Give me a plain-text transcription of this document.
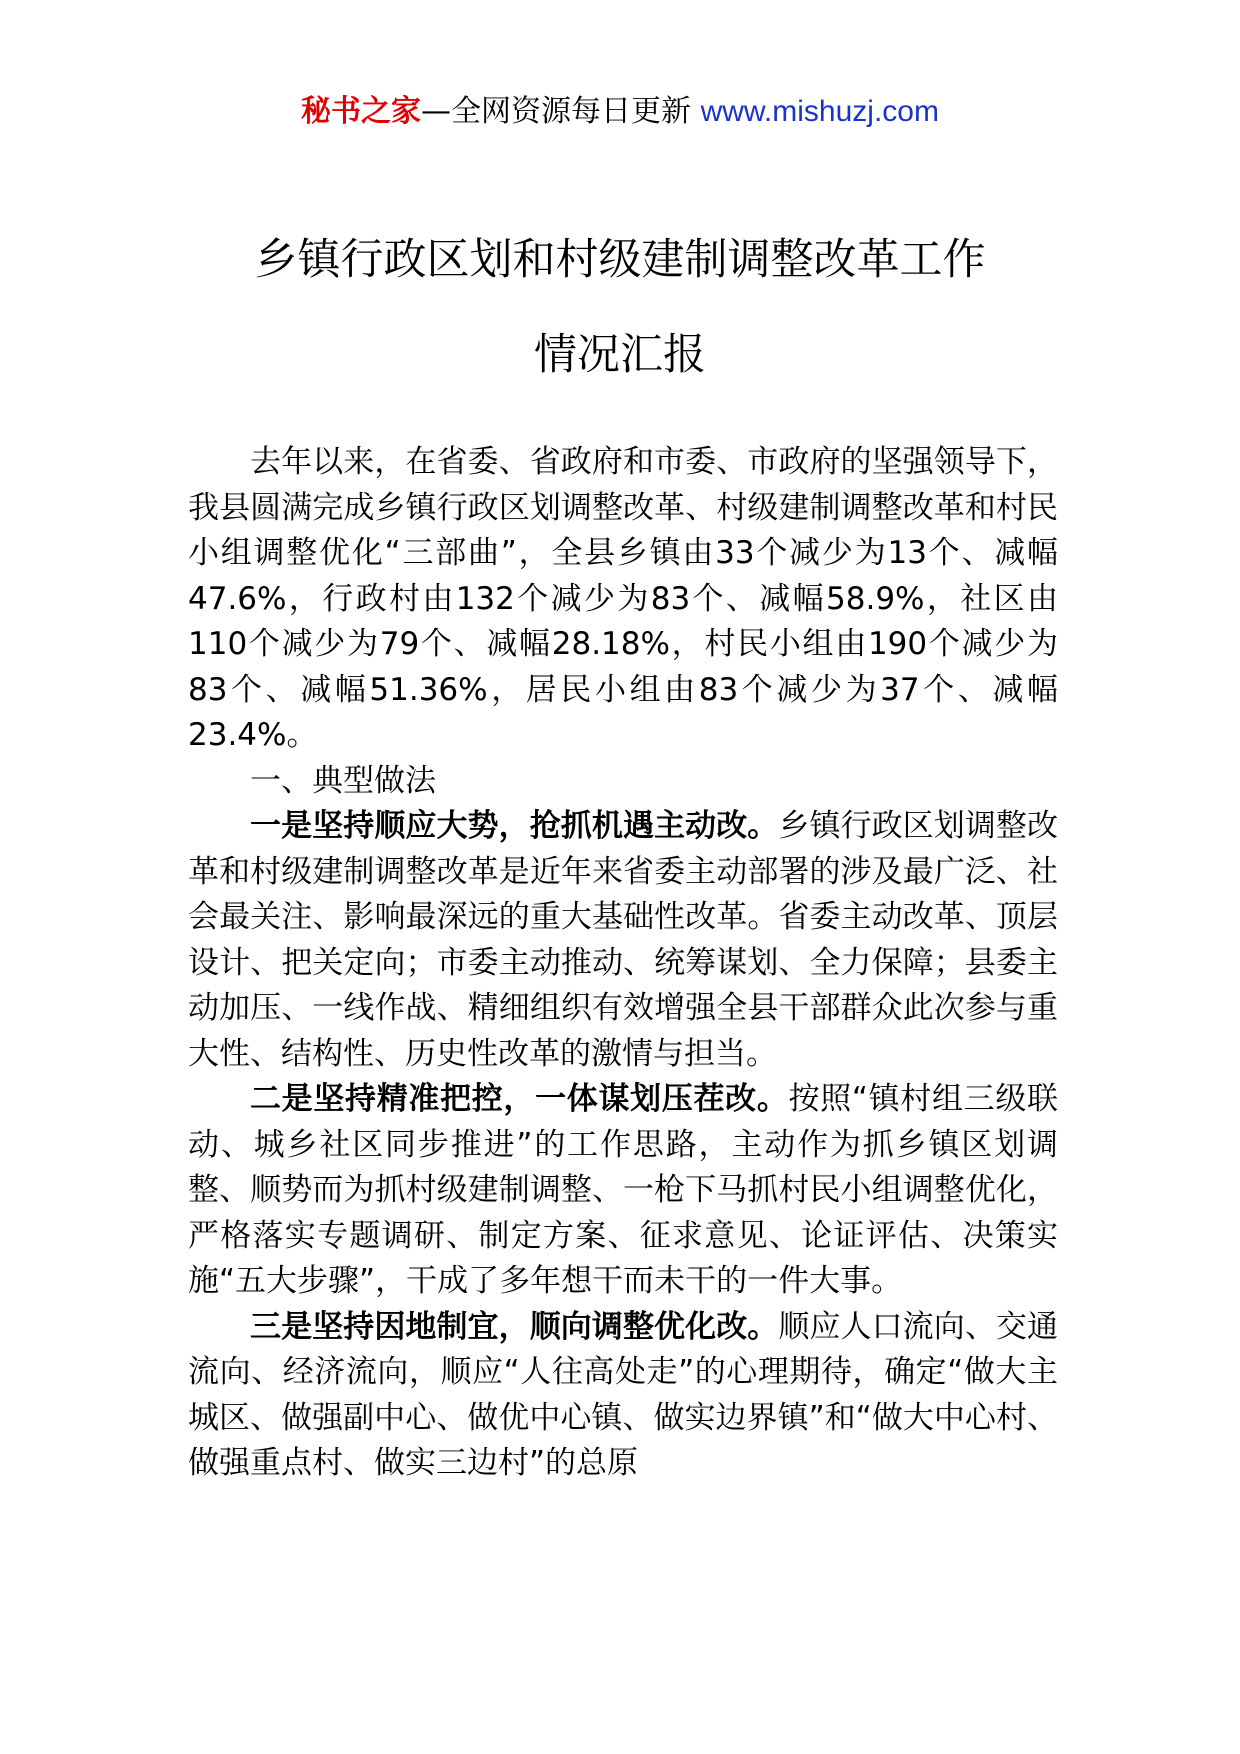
秘书之家—全网资源每日更新 www.mishuzj.com
乡镇行政区划和村级建制调整改革工作
情况汇报

去年以来，在省委、省政府和市委、市政府的坚强领导下，我县圆满完成乡镇行政区划调整改革、村级建制调整改革和村民小组调整优化“三部曲”，全县乡镇由33个减少为13个、减幅47.6%，行政村由132个减少为83个、减幅58.9%，社区由110个减少为79个、减幅28.18%，村民小组由190个减少为83个、减幅51.36%，居民小组由83个减少为37个、减幅23.4%。

一、典型做法

一是坚持顺应大势，抢抓机遇主动改。乡镇行政区划调整改革和村级建制调整改革是近年来省委主动部署的涉及最广泛、社会最关注、影响最深远的重大基础性改革。省委主动改革、顶层设计、把关定向；市委主动推动、统筹谋划、全力保障；县委主动加压、一线作战、精细组织有效增强全县干部群众此次参与重大性、结构性、历史性改革的激情与担当。

二是坚持精准把控，一体谋划压茬改。按照“镇村组三级联动、城乡社区同步推进”的工作思路，主动作为抓乡镇区划调整、顺势而为抓村级建制调整、一枪下马抓村民小组调整优化，严格落实专题调研、制定方案、征求意见、论证评估、决策实施“五大步骤”，干成了多年想干而未干的一件大事。

三是坚持因地制宜，顺向调整优化改。顺应人口流向、交通流向、经济流向，顺应“人往高处走”的心理期待，确定“做大主城区、做强副中心、做优中心镇、做实边界镇”和“做大中心村、做强重点村、做实三边村”的总原
